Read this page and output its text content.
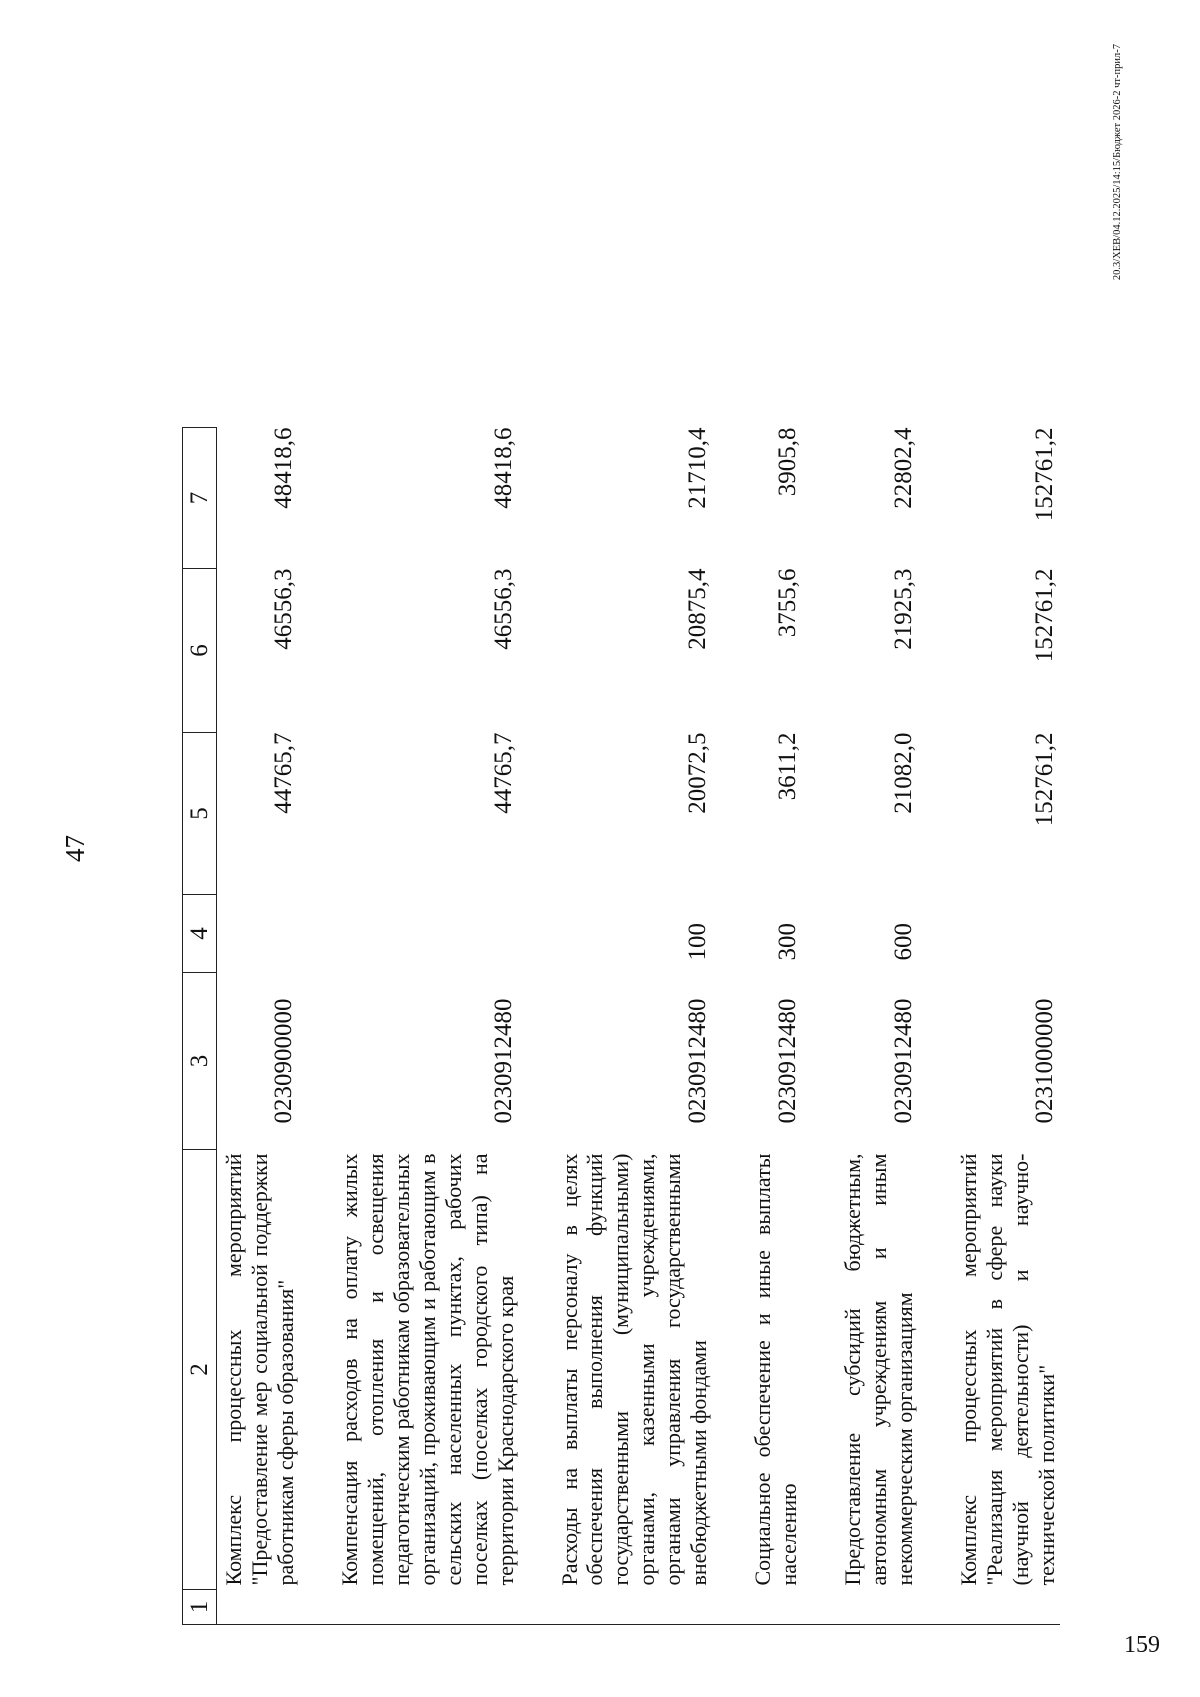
47
1	2	3	4	5	6	7
	Комплекс процессных мероприятий "Предоставление мер социальной поддержки работникам сферы образования"	0230900000		44765,7	46556,3	48418,6
	Компенсация расходов на оплату жилых помещений, отопления и освещения педагогическим работникам образовательных организаций, проживающим и работающим в сельских населенных пунктах, рабочих поселках (поселках городского типа) на территории Краснодарского края	0230912480		44765,7	46556,3	48418,6
	Расходы на выплаты персоналу в целях обеспечения выполнения функций государственными (муниципальными) органами, казенными учреждениями, органами управления государственными внебюджетными фондами	0230912480	100	20072,5	20875,4	21710,4
	Социальное обеспечение и иные выплаты населению	0230912480	300	3611,2	3755,6	3905,8
	Предоставление субсидий бюджетным, автономным учреждениям и иным некоммерческим организациям	0230912480	600	21082,0	21925,3	22802,4
	Комплекс процессных мероприятий "Реализация мероприятий в сфере науки (научной деятельности) и научно-технической политики"	0231000000		152761,2	152761,2	152761,2
20.3/ХЕВ/04.12.2025/14:15/Бюджет 2026-2 чт-прил-7
159
